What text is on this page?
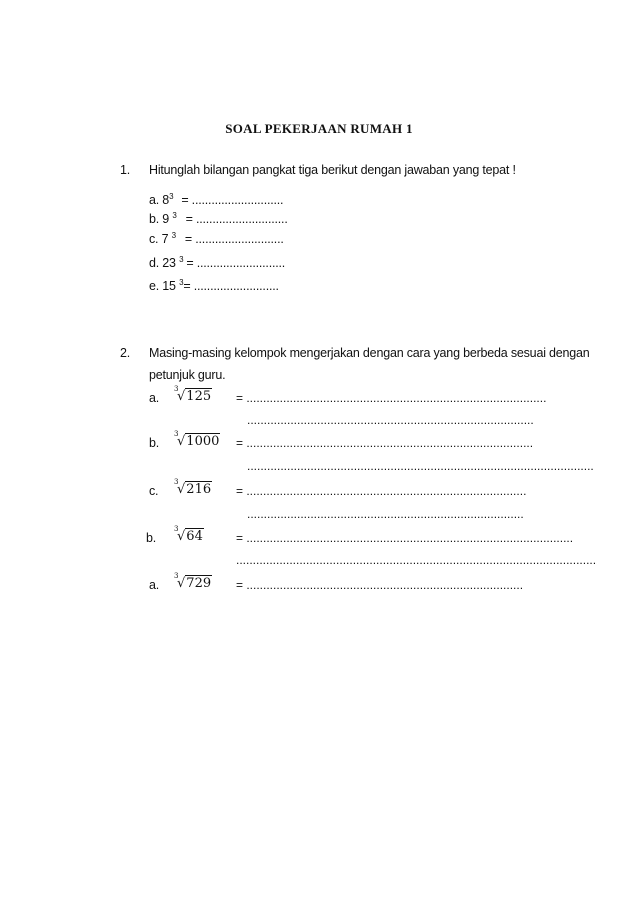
SOAL PEKERJAAN RUMAH 1
1. Hitunglah bilangan pangkat tiga berikut dengan jawaban yang tepat !
a. $8^3$ = ............................
b. 9 $^3$ = ............................
c. 7 $^3$ = ...........................
d. 23 $^3$ = ...........................
e. 15 $^3$= ..........................
2. Masing-masing kelompok mengerjakan dengan cara yang berbeda sesuai dengan
petunjuk guru.
a.
3
√125 = ..........................................................................................
......................................................................................
b.
3
√1000 = ......................................................................................
........................................................................................................
c.
3
√216 = ....................................................................................
...................................................................................
b.
3
√64	= ..................................................................................................
............................................................................................................
a.
3
√729 = ...................................................................................
